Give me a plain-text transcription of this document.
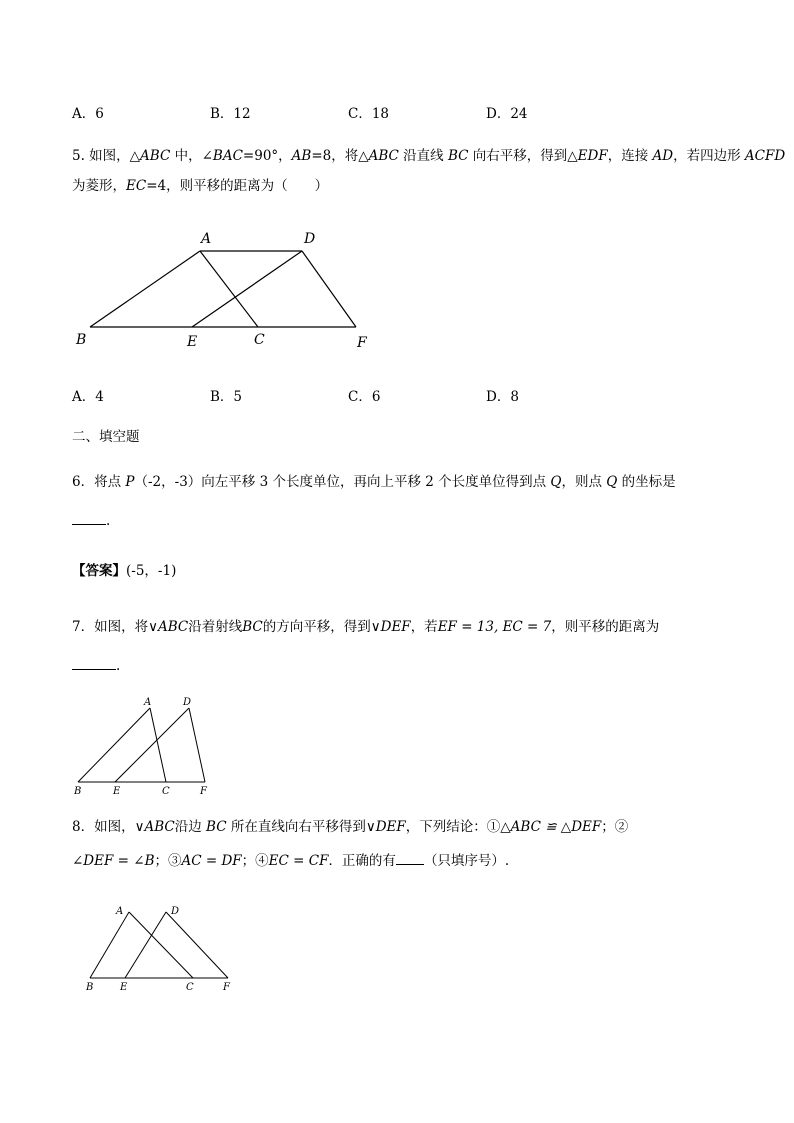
A．6	B．12	C．18	D．24
5. 如图，△ABC 中，∠BAC=90°，AB=8，将△ABC 沿直线 BC 向右平移，得到△EDF，连接 AD，若四边形 ACFD
为菱形，EC=4，则平移的距离为（　　）
A	D
B	E	C	F
A．4	B．5	C．6	D．8
二、填空题
6．将点 P（-2，-3）向左平移 3 个长度单位，再向上平移 2 个长度单位得到点 Q，则点 Q 的坐标是
.
【答案】(-5，-1)
7．如图，将∨ABC沿着射线BC的方向平移，得到∨DEF，若EF = 13, EC = 7，则平移的距离为
.
A	D
B	E	C	F
8．如图，∨ABC沿边 BC 所在直线向右平移得到∨DEF，下列结论：①△ABC ≌ △DEF；②
∠DEF = ∠B；③AC = DF；④EC = CF．正确的有 （只填序号）.
A	D
B	E	C	F
